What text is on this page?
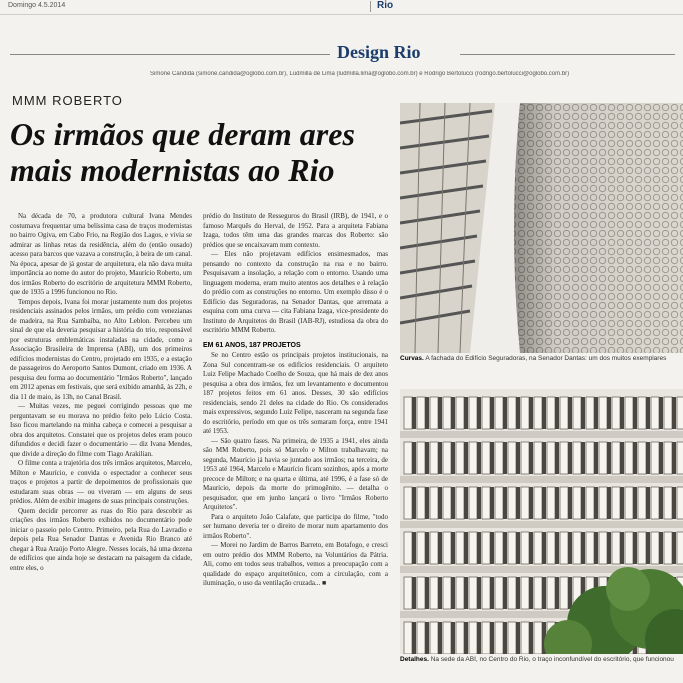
Domingo 4.5.2014	Rio
Design Rio
Simone Candida (simone.candida@oglobo.com.br), Ludmilla de Lima (ludmilla.lima@oglobo.com.br) e Rodrigo Bertolucci (rodrigo.bertolucci@oglobo.com.br)
MMM ROBERTO
Os irmãos que deram ares mais modernistas ao Rio

Na década de 70, a produtora cultural Ivana Mendes costumava frequentar uma belíssima casa de traços modernistas no bairro Ogiva, em Cabo Frio, na Região dos Lagos, e vivia se admirar as linhas retas da residência, além do (então ousado) acesso para barcos que vazava a construção, à beira de um canal. Na época, apesar de já gostar de arquitetura, ela não dava muita importância ao nome do autor do projeto, Maurício Roberto, um dos irmãos Roberto do escritório de arquitetura MMM Roberto, que de 1935 a 1996 funcionou no Rio.

Tempos depois, Ivana foi morar justamente num dos projetos residenciais assinados pelos irmãos, um prédio com venezianas de madeira, na Rua Sambaíba, no Alto Leblon. Percebeu um sinal de que ela deveria pesquisar a história do trio, responsável por estruturas emblemáticas instaladas na cidade, como a Associação Brasileira de Imprensa (ABI), um dos primeiros edifícios modernistas do Centro, projetado em 1935, e a estação de passageiros do Aeroporto Santos Dumont, criado em 1936. A pesquisa deu forma ao documentário "Irmãos Roberto", lançado em 2012 apenas em festivais, que será exibido amanhã, às 22h, e dia 11 de maio, às 13h, no Canal Brasil.

— Muitas vezes, me peguei corrigindo pessoas que me perguntavam se eu morava no prédio feito pelo Lúcio Costa. Isso ficou martelando na minha cabeça e comecei a pesquisar a obra dos arquitetos. Constatei que os projetos deles eram pouco difundidos e decidi fazer o documentário — diz Ivana Mendes, que divide a direção do filme com Tiago Arakilian.

O filme conta a trajetória dos três irmãos arquitetos, Marcelo, Milton e Maurício, e convida o espectador a conhecer seus traços e projetos a partir de depoimentos de profissionais que estudaram suas obras — ou viveram — em alguns de seus prédios. Além de exibir imagens de suas principais construções.

Quem decidir percorrer as ruas do Rio para descobrir as criações dos irmãos Roberto exibidos no documentário pode iniciar o passeio pelo Centro. Primeiro, pela Rua do Lavradio e depois pela Rua Senador Dantas e Avenida Rio Branco até chegar à Rua Araújo Porto Alegre. Nesses locais, há uma dezena de edifícios que ainda hoje se destacam na paisagem da cidade, entre eles, o

prédio do Instituto de Resseguros do Brasil (IRB), de 1941, e o famoso Marquês do Herval, de 1952. Para a arquiteta Fabiana Izaga, todos têm uma das grandes marcas dos Roberto: são prédios que se encaixavam num contexto.

— Eles não projetavam edifícios ensimesmados, mas pensando no contexto da construção na rua e no bairro. Pesquisavam a insolação, a relação com o entorno. Usando uma linguagem moderna, eram muito atentos aos detalhes e à relação do prédio com as construções no entorno. Um exemplo disso é o Edifício das Seguradoras, na Senador Dantas, que arremata a esquina com uma curva — cita Fabiana Izaga, vice-presidente do Instituto de Arquitetos do Brasil (IAB-RJ), estudiosa da obra do escritório MMM Roberto.

EM 61 ANOS, 187 PROJETOS

Se no Centro estão os principais projetos institucionais, na Zona Sul concentram-se os edifícios residenciais. O arquiteto Luiz Felipe Machado Coelho de Souza, que há mais de dez anos pesquisa a obra dos irmãos, fez um levantamento e documentou 187 projetos feitos em 61 anos. Desses, 30 são edifícios residenciais, sendo 21 deles na cidade do Rio. Os considerados mais expressivos, segundo Luiz Felipe, nasceram na segunda fase do escritório, período em que os três somaram força, entre 1941 até 1953.

— São quatro fases. Na primeira, de 1935 a 1941, eles ainda são MM Roberto, pois só Marcelo e Milton trabalhavam; na segunda, Maurício já havia se juntado aos irmãos; na terceira, de 1953 até 1964, Marcelo e Maurício ficam sozinhos, após a morte precoce de Milton; e na quarta e última, até 1996, é a fase só de Maurício, depois da morte do primogênito. — detalha o pesquisador, que em junho lançará o livro "Irmãos Roberto Arquitetos".

Para o arquiteto João Calafate, que participa do filme, "todo ser humano deveria ter o direito de morar num apartamento dos irmãos Roberto".

— Morei no Jardim de Barros Barreto, em Botafogo, e cresci em outro prédio dos MMM Roberto, na Voluntários da Pátria. Ali, como em todos seus trabalhos, vemos a preocupação com a qualidade do espaço arquitetônico, com a circulação, com a iluminação, o uso da ventilação cruzada... ■

Curvas. A fachada do Edifício Seguradoras, na Senador Dantas: um dos muitos exemplares
Detalhes. Na sede da ABI, no Centro do Rio, o traço inconfundível do escritório, que funcionou
